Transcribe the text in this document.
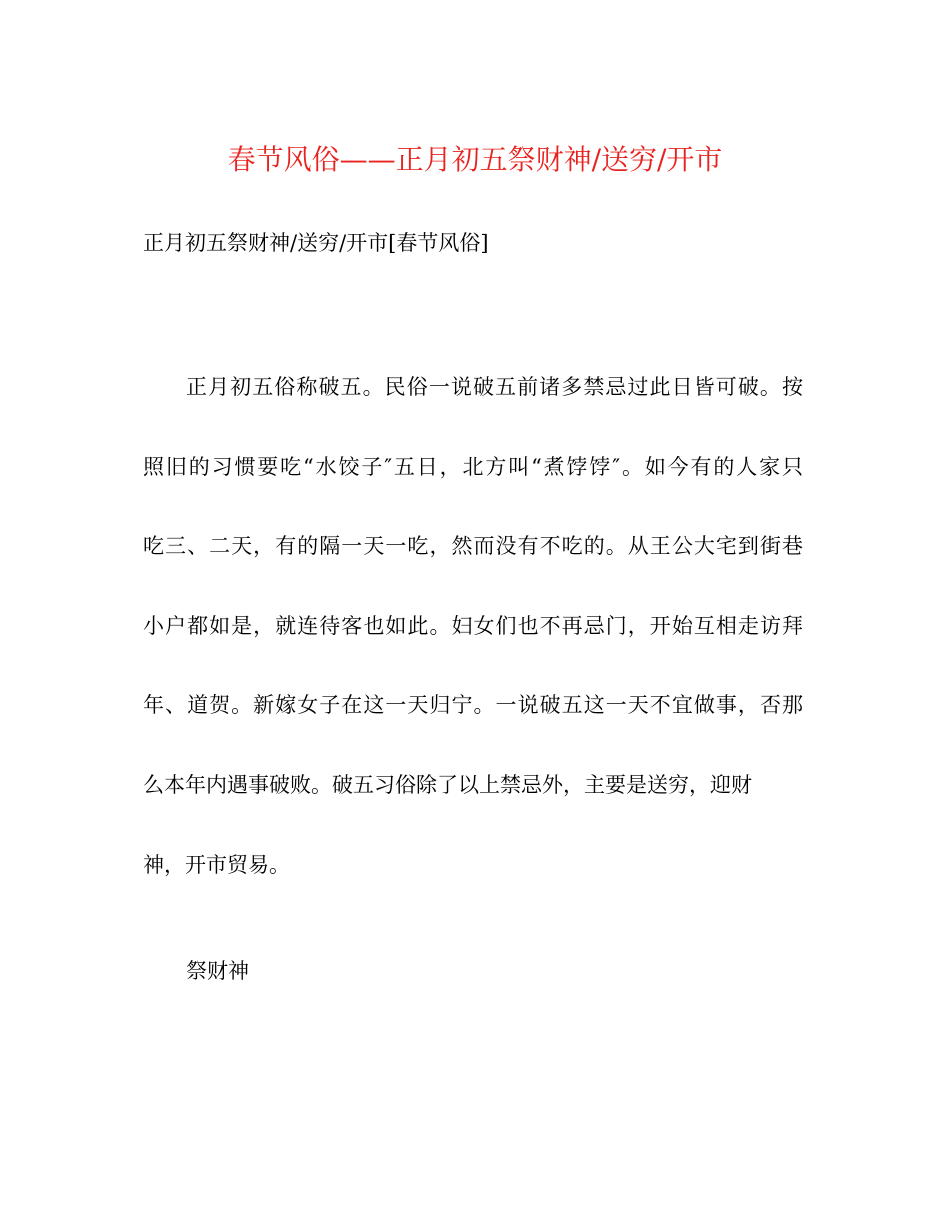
春节风俗——正月初五祭财神/送穷/开市
正月初五祭财神/送穷/开市[春节风俗]
正月初五俗称破五。民俗一说破五前诸多禁忌过此日皆可破。按
照旧的习惯要吃“水饺子″五日，北方叫“煮饽饽″。如今有的人家只
吃三、二天，有的隔一天一吃，然而没有不吃的。从王公大宅到街巷
小户都如是，就连待客也如此。妇女们也不再忌门，开始互相走访拜
年、道贺。新嫁女子在这一天归宁。一说破五这一天不宜做事，否那
么本年内遇事破败。破五习俗除了以上禁忌外，主要是送穷，迎财
神，开市贸易。
祭财神
